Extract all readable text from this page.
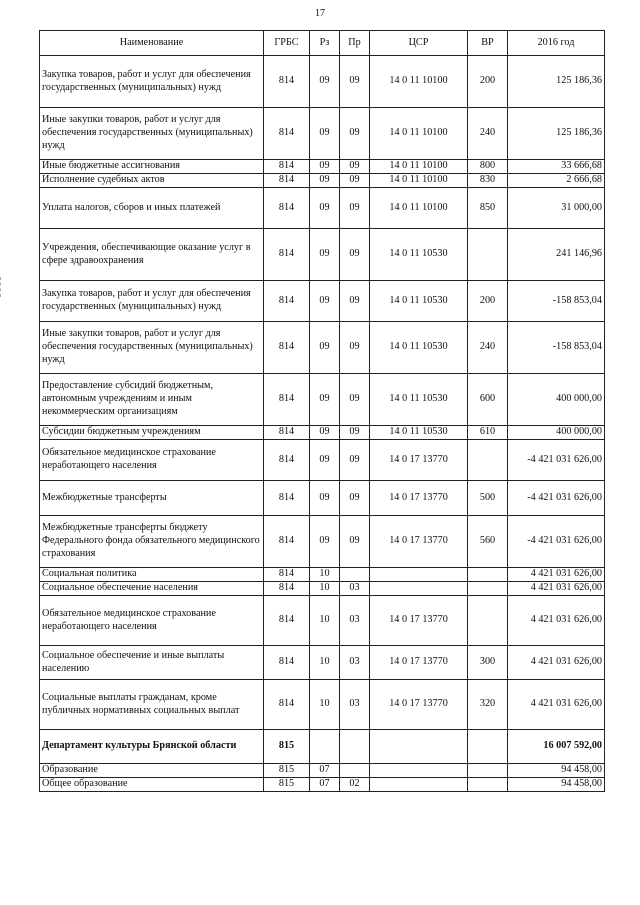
17
Наименование	ГРБС	Рз	Пр	ЦСР	ВР	2016 год
Закупка товаров, работ и услуг для обеспечения государственных (муниципальных) нужд	814	09	09	14 0 11 10100	200	125 186,36
Иные закупки товаров, работ и услуг для обеспечения государственных (муниципальных) нужд	814	09	09	14 0 11 10100	240	125 186,36
Иные бюджетные ассигнования	814	09	09	14 0 11 10100	800	33 666,68
Исполнение судебных актов	814	09	09	14 0 11 10100	830	2 666,68
Уплата налогов, сборов и иных платежей	814	09	09	14 0 11 10100	850	31 000,00
Учреждения, обеспечивающие оказание услуг в сфере здравоохранения	814	09	09	14 0 11 10530		241 146,96
Закупка товаров, работ и услуг для обеспечения государственных (муниципальных) нужд	814	09	09	14 0 11 10530	200	-158 853,04
Иные закупки товаров, работ и услуг для обеспечения государственных (муниципальных) нужд	814	09	09	14 0 11 10530	240	-158 853,04
Предоставление субсидий бюджетным, автономным учреждениям и иным некоммерческим организациям	814	09	09	14 0 11 10530	600	400 000,00
Субсидии бюджетным учреждениям	814	09	09	14 0 11 10530	610	400 000,00
Обязательное медицинское страхование неработающего населения	814	09	09	14 0 17 13770		-4 421 031 626,00
Межбюджетные трансферты	814	09	09	14 0 17 13770	500	-4 421 031 626,00
Межбюджетные трансферты бюджету Федерального фонда обязательного медицинского страхования	814	09	09	14 0 17 13770	560	-4 421 031 626,00
Социальная политика	814	10				4 421 031 626,00
Социальное обеспечение населения	814	10	03			4 421 031 626,00
Обязательное медицинское страхование неработающего населения	814	10	03	14 0 17 13770		4 421 031 626,00
Социальное обеспечение и иные выплаты населению	814	10	03	14 0 17 13770	300	4 421 031 626,00
Социальные выплаты гражданам, кроме публичных нормативных социальных выплат	814	10	03	14 0 17 13770	320	4 421 031 626,00
Департамент культуры Брянской области	815					16 007 592,00
Образование	815	07				94 458,00
Общее образование	815	07	02			94 458,00
